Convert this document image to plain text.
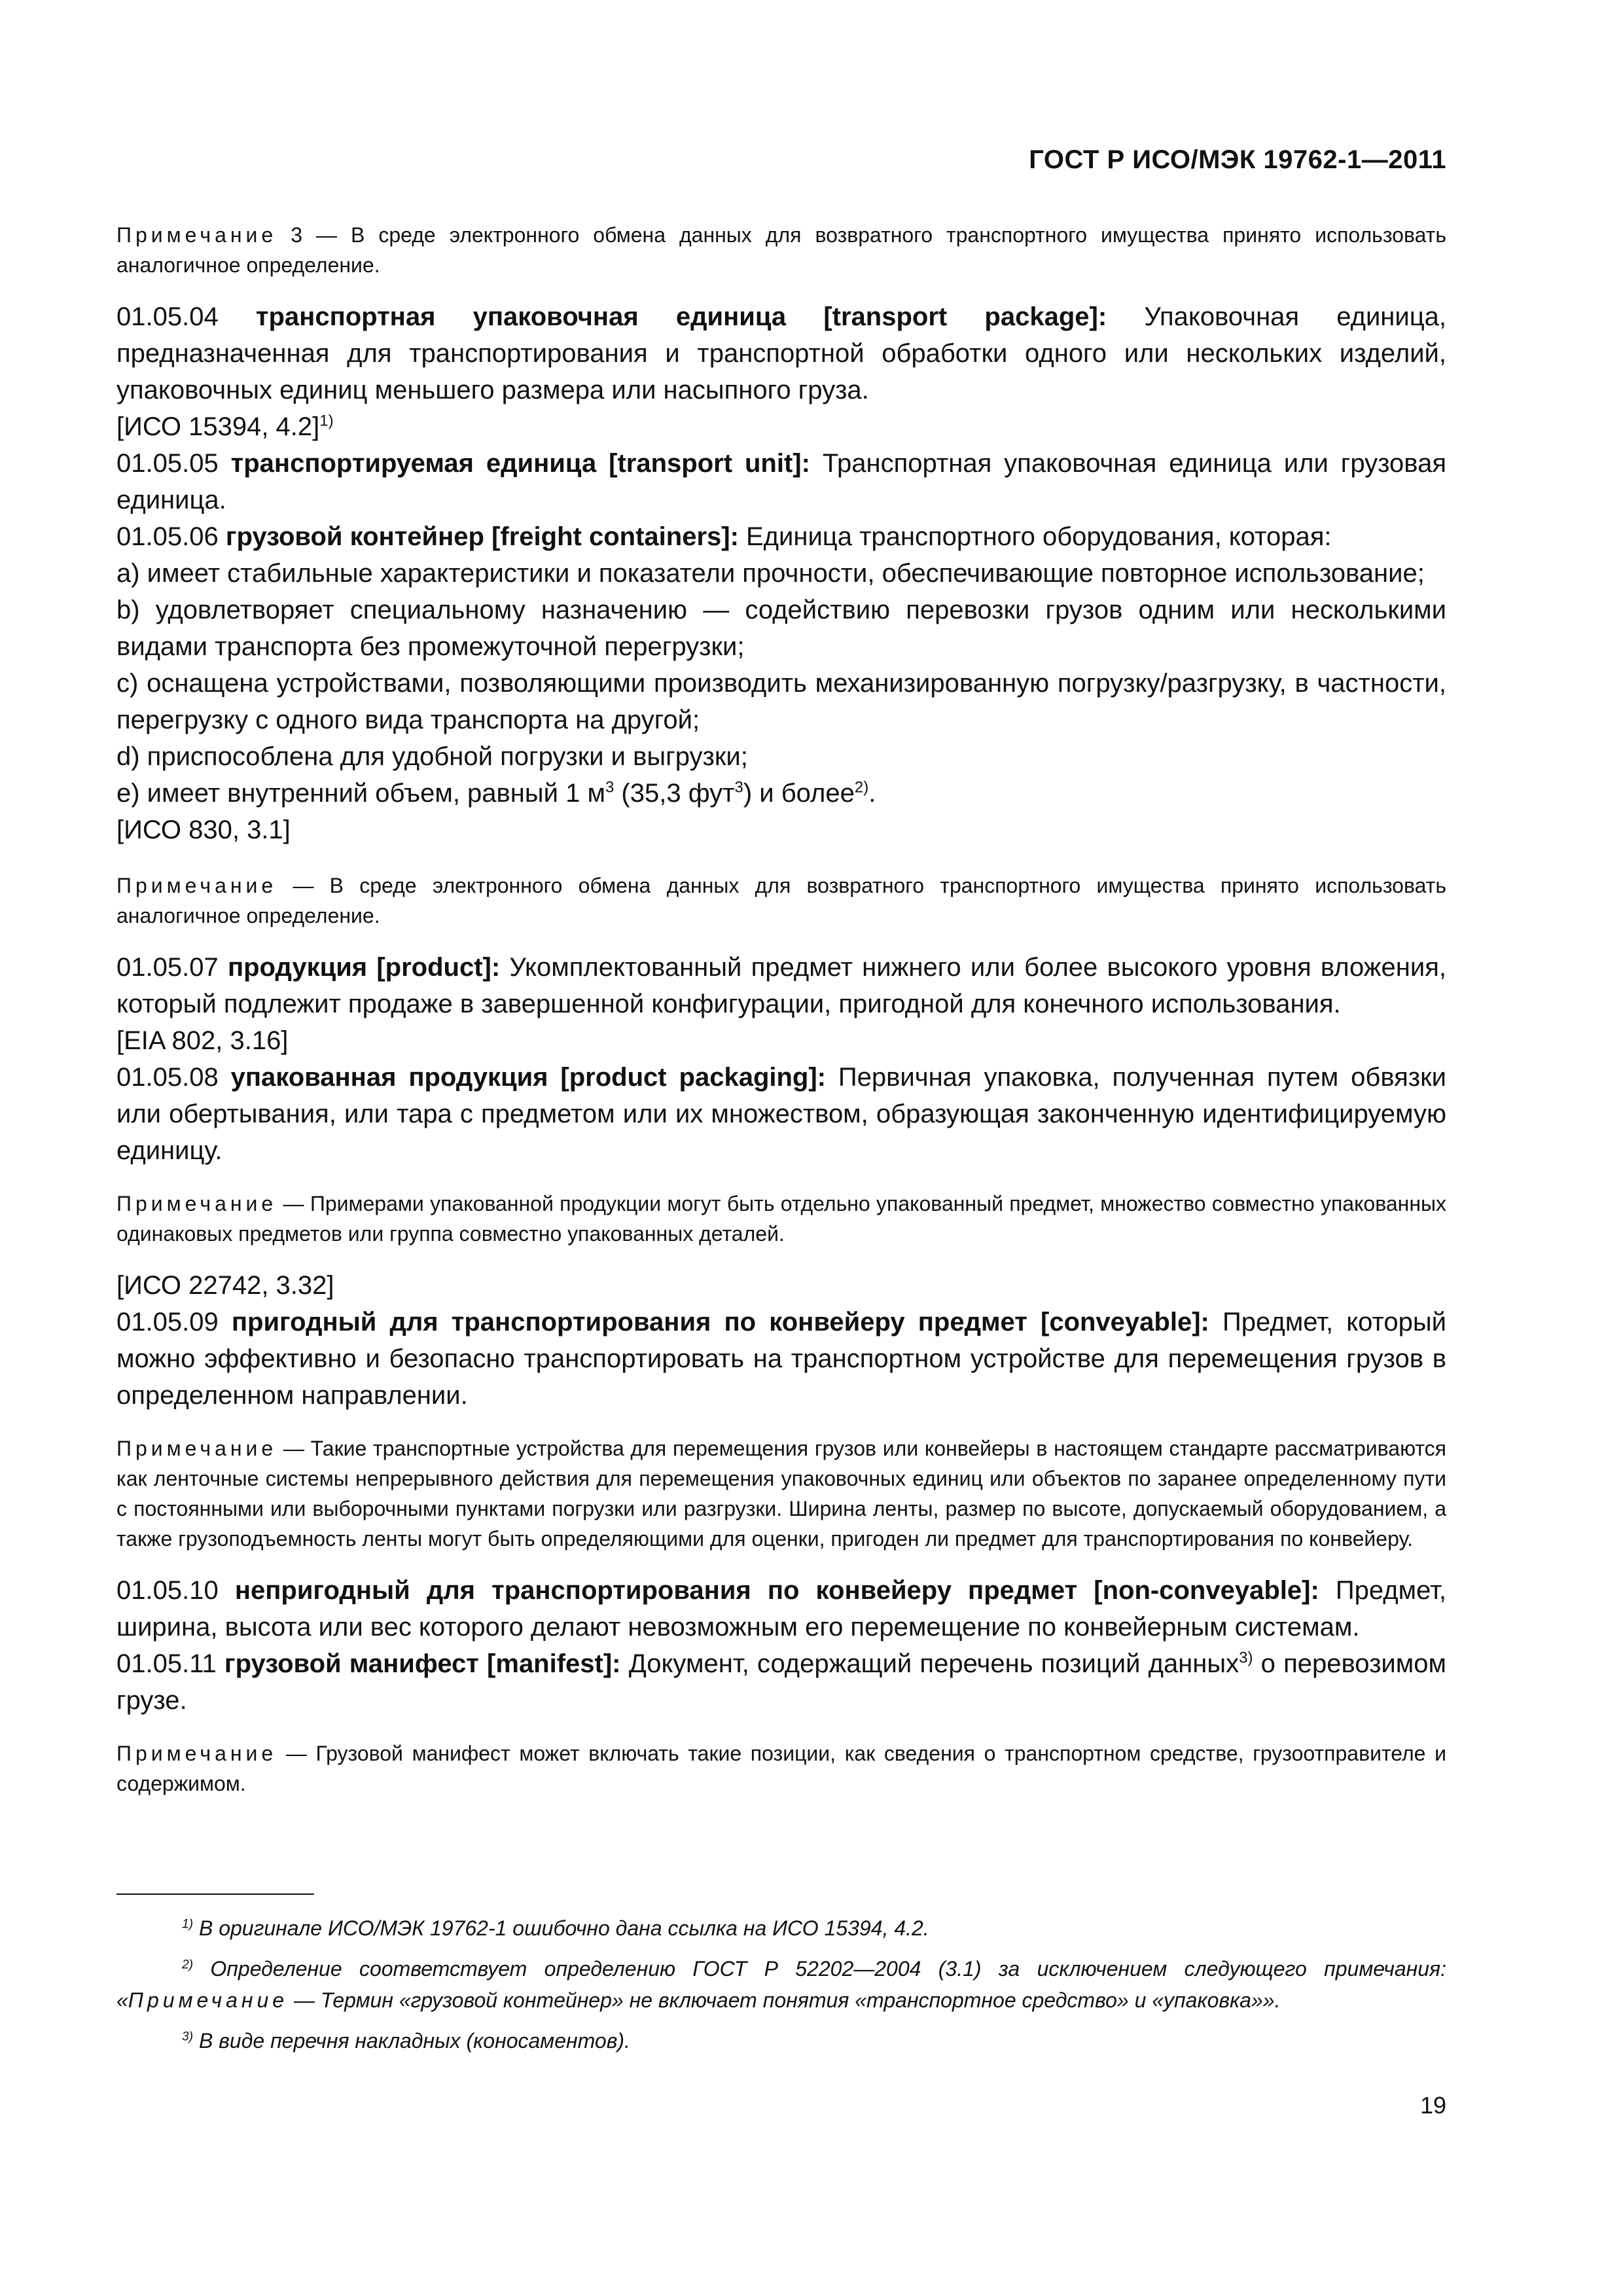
ГОСТ Р ИСО/МЭК 19762-1—2011

Примечание 3 — В среде электронного обмена данных для возвратного транспортного имущества принято использовать аналогичное определение.

01.05.04 транспортная упаковочная единица [transport package]: Упаковочная единица, предназначенная для транспортирования и транспортной обработки одного или нескольких изделий, упаковочных единиц меньшего размера или насыпного груза.

[ИСО 15394, 4.2]$^{1)}$

01.05.05 транспортируемая единица [transport unit]: Транспортная упаковочная единица или грузовая единица.

01.05.06 грузовой контейнер [freight containers]: Единица транспортного оборудования, которая:

а) имеет стабильные характеристики и показатели прочности, обеспечивающие повторное использование;

b) удовлетворяет специальному назначению — содействию перевозки грузов одним или несколькими видами транспорта без промежуточной перегрузки;

с) оснащена устройствами, позволяющими производить механизированную погрузку/разгрузку, в частности, перегрузку с одного вида транспорта на другой;

d) приспособлена для удобной погрузки и выгрузки;

е) имеет внутренний объем, равный 1 $м^3$ (35,3 фут$^3$) и более$^{2)}$.

[ИСО 830, 3.1]

Примечание — В среде электронного обмена данных для возвратного транспортного имущества принято использовать аналогичное определение.

01.05.07 продукция [product]: Укомплектованный предмет нижнего или более высокого уровня вложения, который подлежит продаже в завершенной конфигурации, пригодной для конечного использования.

[EIA 802, 3.16]

01.05.08 упакованная продукция [product packaging]: Первичная упаковка, полученная путем обвязки или обертывания, или тара с предметом или их множеством, образующая законченную идентифицируемую единицу.

Примечание — Примерами упакованной продукции могут быть отдельно упакованный предмет, множество совместно упакованных одинаковых предметов или группа совместно упакованных деталей.

[ИСО 22742, 3.32]

01.05.09 пригодный для транспортирования по конвейеру предмет [conveyable]: Предмет, который можно эффективно и безопасно транспортировать на транспортном устройстве для перемещения грузов в определенном направлении.

Примечание — Такие транспортные устройства для перемещения грузов или конвейеры в настоящем стандарте рассматриваются как ленточные системы непрерывного действия для перемещения упаковочных единиц или объектов по заранее определенному пути с постоянными или выборочными пунктами погрузки или разгрузки. Ширина ленты, размер по высоте, допускаемый оборудованием, а также грузоподъемность ленты могут быть определяющими для оценки, пригоден ли предмет для транспортирования по конвейеру.

01.05.10 непригодный для транспортирования по конвейеру предмет [non-conveyable]: Предмет, ширина, высота или вес которого делают невозможным его перемещение по конвейерным системам.

01.05.11 грузовой манифест [manifest]: Документ, содержащий перечень позиций данных$^{3)}$ о перевозимом грузе.

Примечание — Грузовой манифест может включать такие позиции, как сведения о транспортном средстве, грузоотправителе и содержимом.

$^{1)}$ В оригинале ИСО/МЭК 19762-1 ошибочно дана ссылка на ИСО 15394, 4.2.

$^{2)}$ Определение соответствует определению ГОСТ Р 52202—2004 (3.1) за исключением следующего примечания: «Примечание — Термин «грузовой контейнер» не включает понятия «транспортное средство» и «упаковка»».

$^{3)}$ В виде перечня накладных (коносаментов).

19
